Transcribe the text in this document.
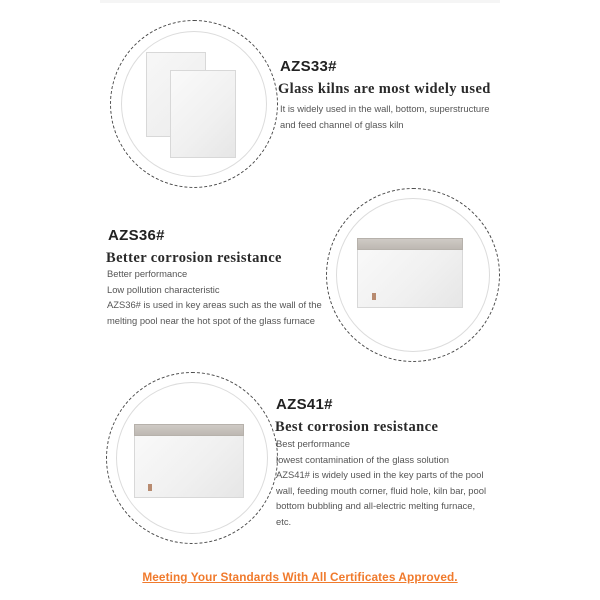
AZS33#
Glass kilns are most widely used
It is widely used in the wall, bottom, superstructure
and feed channel of glass kiln
AZS36#
Better corrosion resistance
Better performance
Low pollution characteristic
AZS36# is used in key areas such as the wall of the
melting pool near the hot spot of the glass furnace
AZS41#
Best corrosion resistance
Best performance
lowest contamination of the glass solution
AZS41# is widely used in the key parts of the pool
wall, feeding mouth corner, fluid hole, kiln bar, pool
bottom bubbling and all-electric melting furnace,
etc.
Meeting Your Standards With All Certificates Approved.
